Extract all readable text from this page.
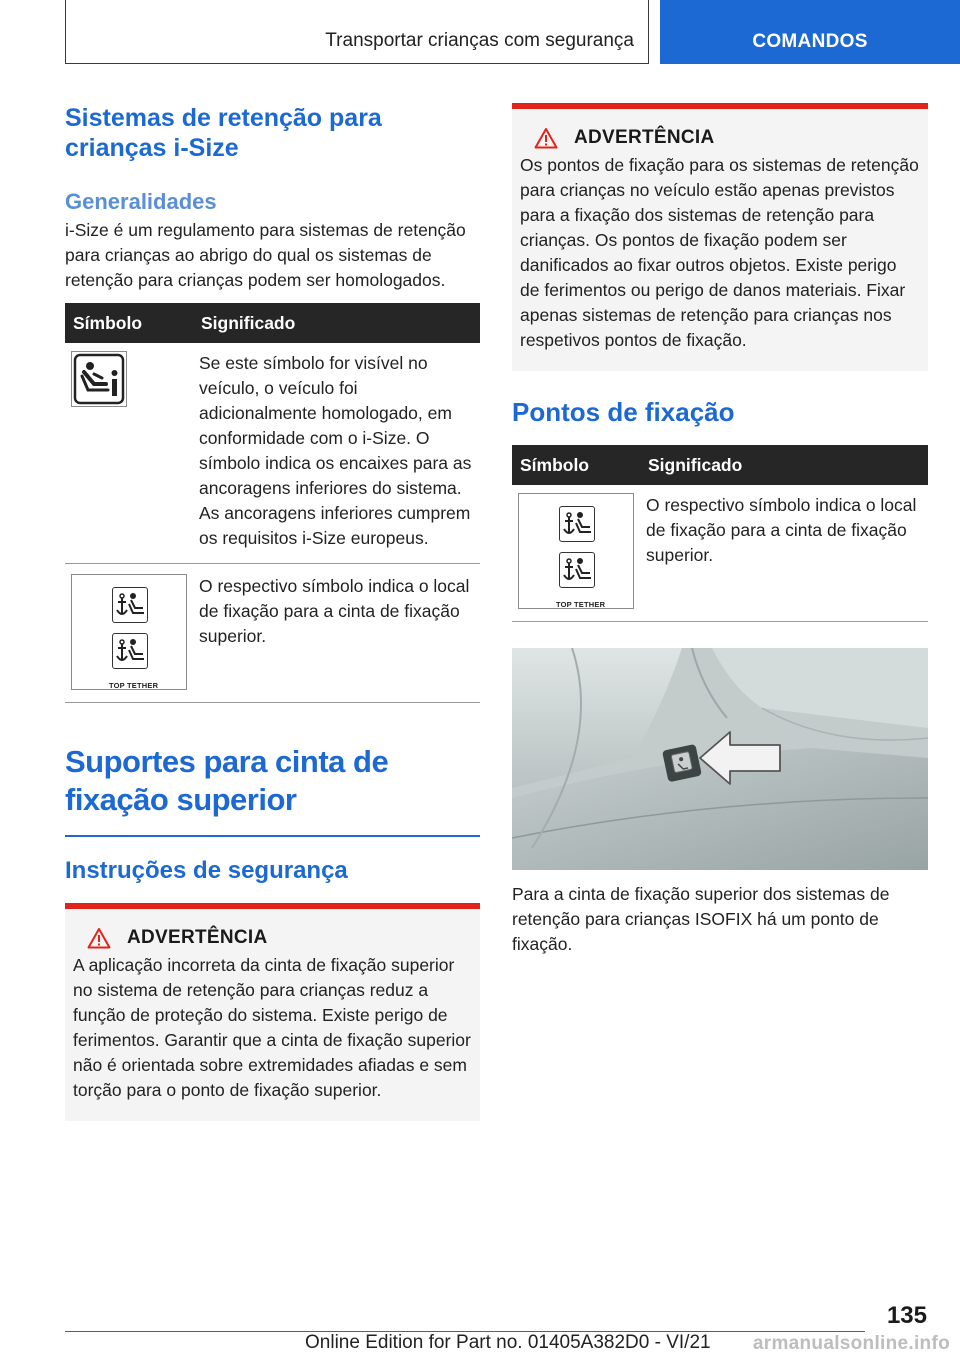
Transportar crianças com segurança	COMANDOS
Sistemas de retenção para crianças i-Size
Generalidades

i-Size é um regulamento para sistemas de retenção para crianças ao abrigo do qual os sistemas de retenção para crianças podem ser homologados.

Símbolo	Significado

	Se este símbolo for visível no veículo, o veículo foi adicionalmente homologado, em conformidade com o i-Size. O símbolo indica os encaixes para as ancoragens inferiores do sistema. As ancoragens inferiores cumprem os requisitos i-Size europeus.

TOP TETHER	O respectivo símbolo indica o local de fixação para a cinta de fixação superior.
Suportes para cinta de fixação superior
Instruções de segurança
ADVERTÊNCIA

A aplicação incorreta da cinta de fixação superior no sistema de retenção para crianças reduz a função de proteção do sistema. Existe perigo de ferimentos. Garantir que a cinta de fixação superior não é orientada sobre extremidades afiadas e sem torção para o ponto de fixação superior.

ADVERTÊNCIA

Os pontos de fixação para os sistemas de retenção para crianças no veículo estão apenas previstos para a fixação dos sistemas de retenção para crianças. Os pontos de fixação podem ser danificados ao fixar outros objetos. Existe perigo de ferimentos ou perigo de danos materiais. Fixar apenas sistemas de retenção para crianças nos respetivos pontos de fixação.

Pontos de fixação
Símbolo	Significado

TOP TETHER	O respectivo símbolo indica o local de fixação para a cinta de fixação superior.

Para a cinta de fixação superior dos sistemas de retenção para crianças ISOFIX há um ponto de fixação.

135
Online Edition for Part no. 01405A382D0 - VI/21 armanualsonline.info
